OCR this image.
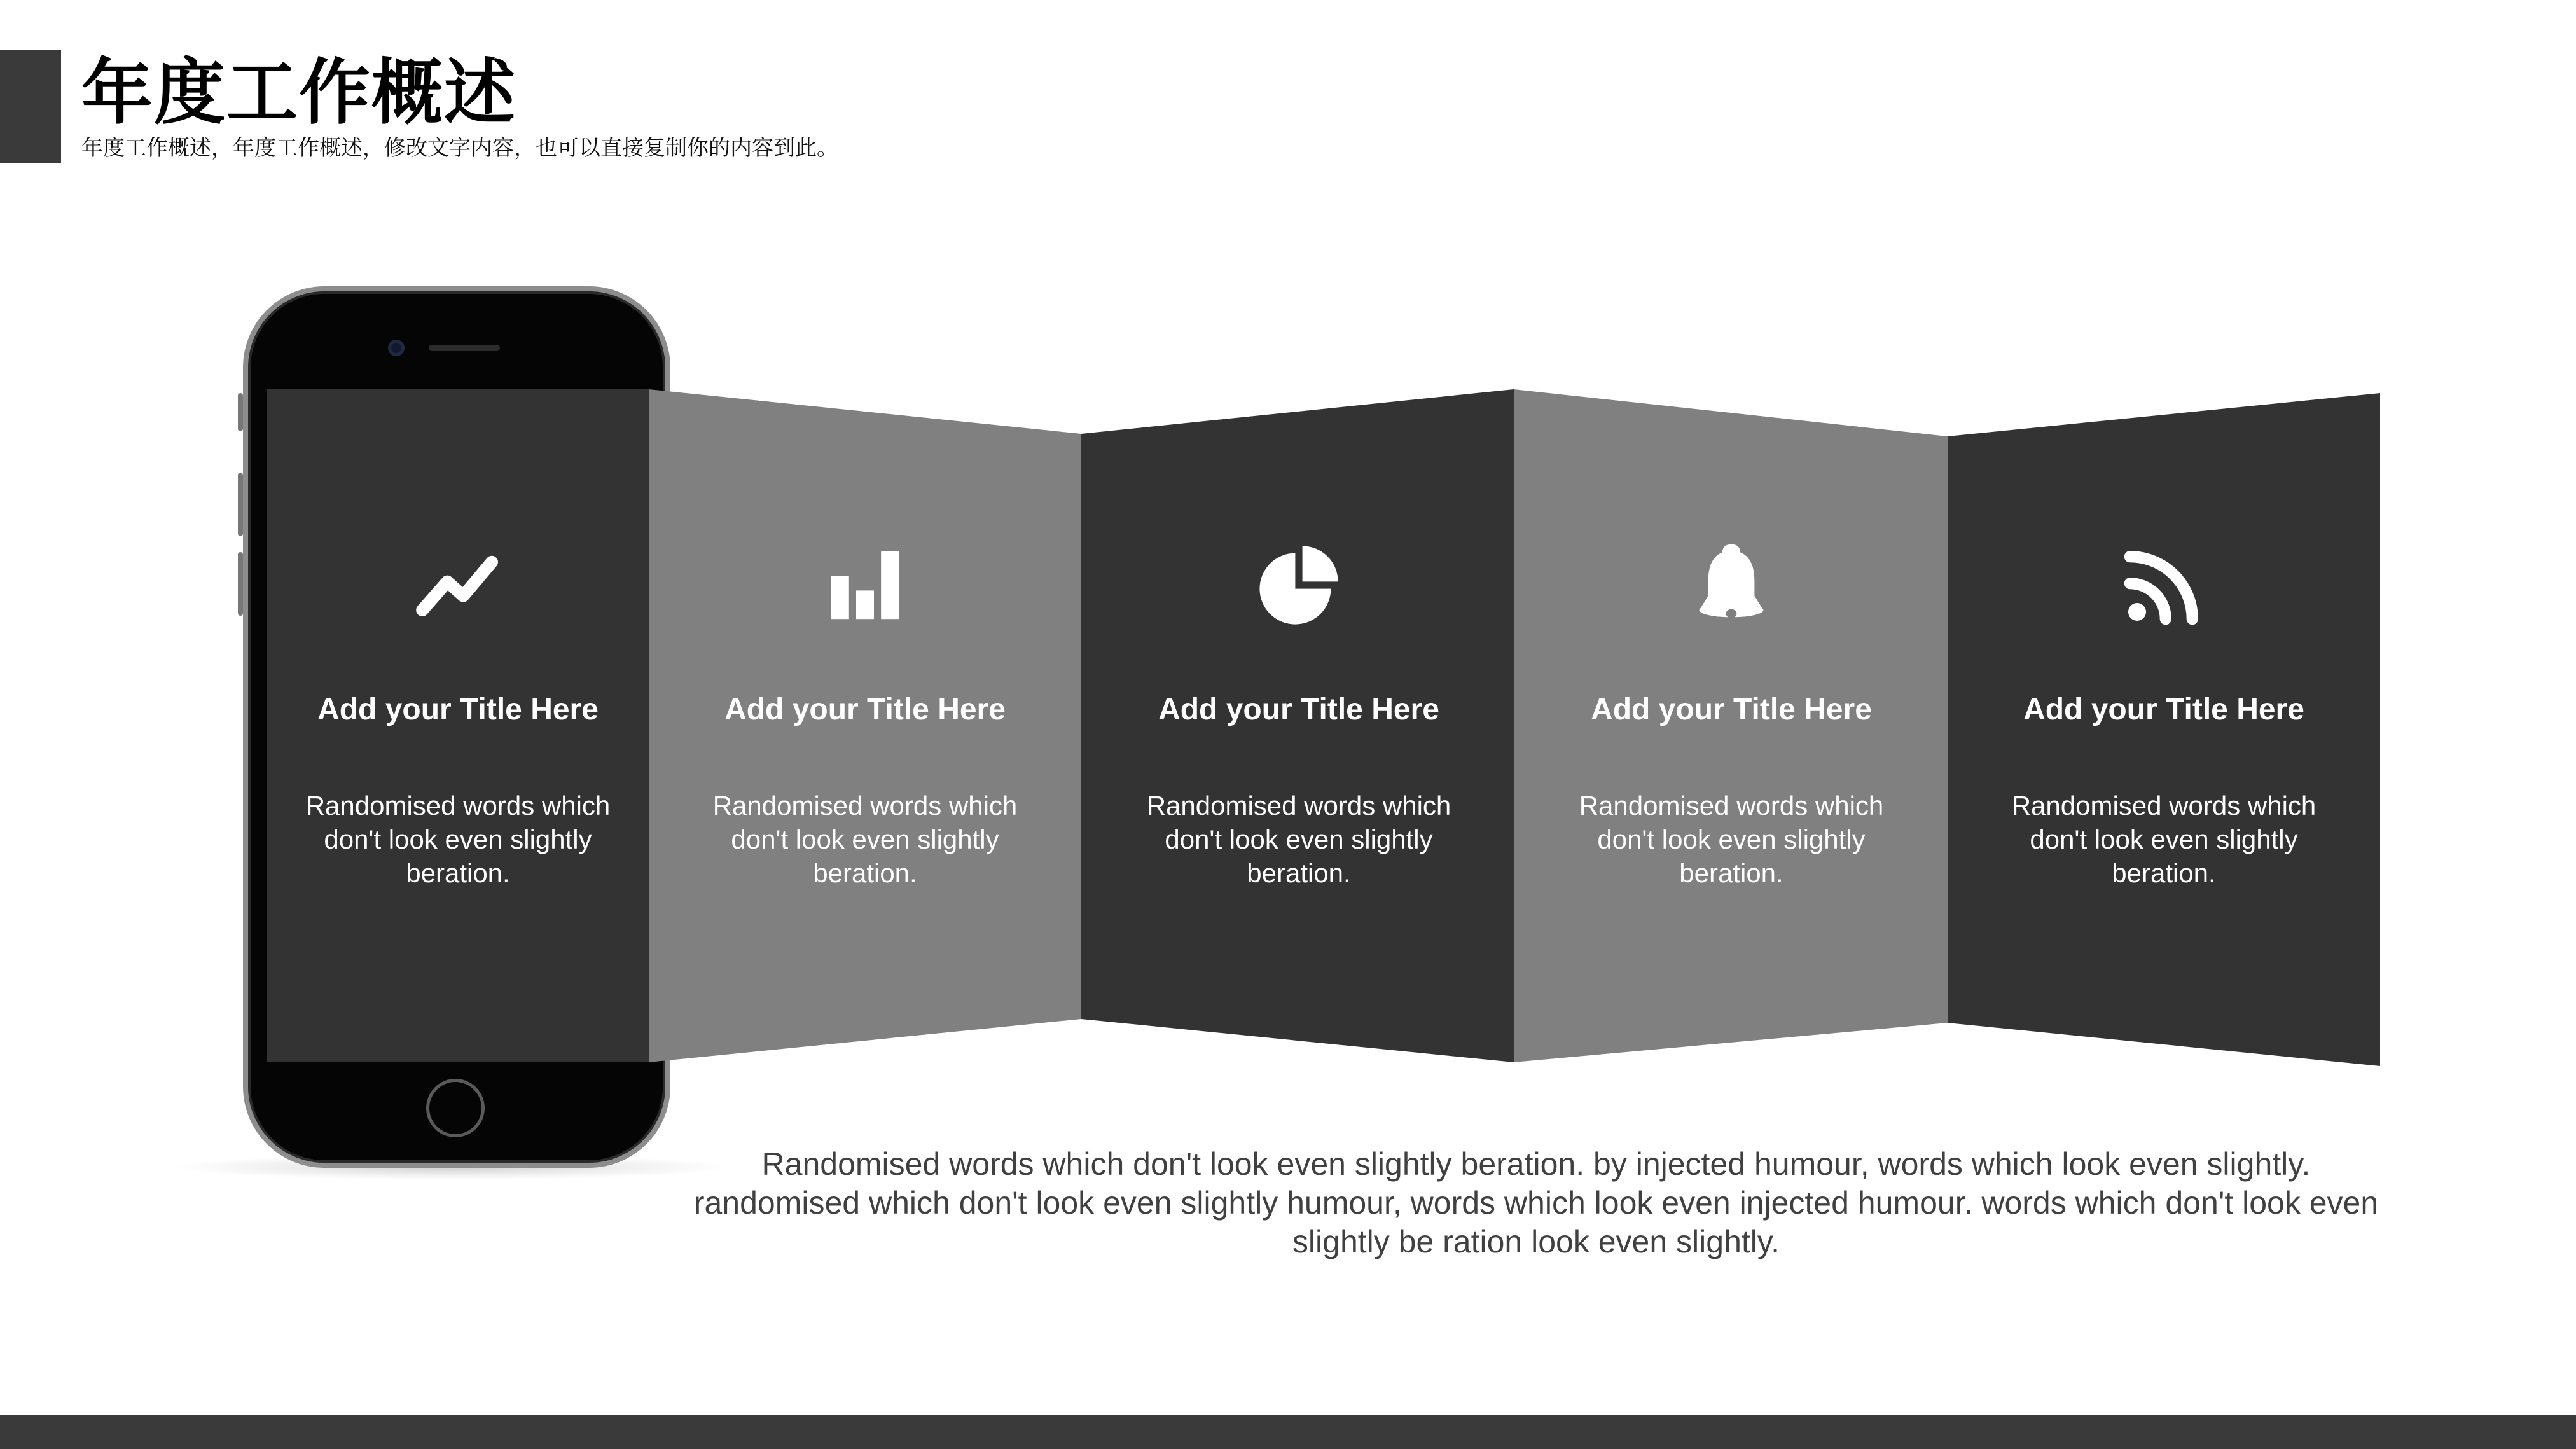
年度工作概述

年度工作概述，年度工作概述，修改文字内容，也可以直接复制你的内容到此。

Add your Title Here
Randomised words which don't look even slightly beration.
Add your Title Here
Randomised words which don't look even slightly beration.
Add your Title Here
Randomised words which don't look even slightly beration.
Add your Title Here
Randomised words which don't look even slightly beration.
Add your Title Here
Randomised words which don't look even slightly beration.

Randomised words which don't look even slightly beration. by injected humour, words which look even slightly. randomised which don't look even slightly humour, words which look even injected humour. words which don't look even slightly be ration look even slightly.
